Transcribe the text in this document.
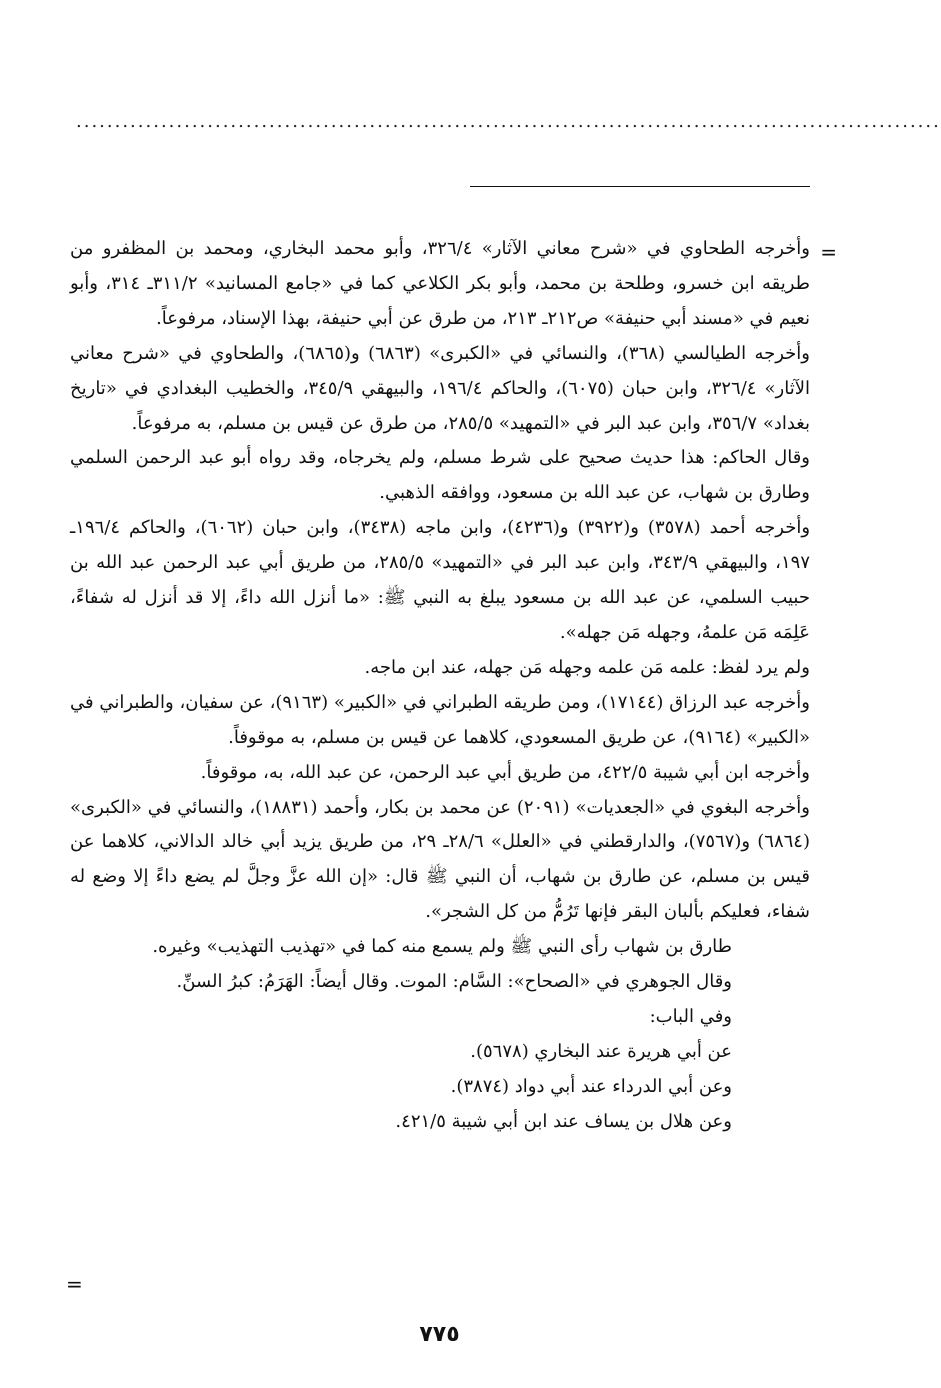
................................................................................................................
=

وأخرجه الطحاوي في «شرح معاني الآثار» ٣٢٦/٤، وأبو محمد البخاري، ومحمد بن المظفرو من طريقه ابن خسرو، وطلحة بن محمد، وأبو بكر الكلاعي كما في «جامع المسانيد» ٣١١/٢ـ ٣١٤، وأبو نعيم في «مسند أبي حنيفة» ص٢١٢ـ ٢١٣، من طرق عن أبي حنيفة، بهذا الإسناد، مرفوعاً.

وأخرجه الطيالسي (٣٦٨)، والنسائي في «الكبرى» (٦٨٦٣) و(٦٨٦٥)، والطحاوي في «شرح معاني الآثار» ٣٢٦/٤، وابن حبان (٦٠٧٥)، والحاكم ١٩٦/٤، والبيهقي ٣٤٥/٩، والخطيب البغدادي في «تاريخ بغداد» ٣٥٦/٧، وابن عبد البر في «التمهيد» ٢٨٥/٥، من طرق عن قيس بن مسلم، به مرفوعاً.

وقال الحاكم: هذا حديث صحيح على شرط مسلم، ولم يخرجاه، وقد رواه أبو عبد الرحمن السلمي وطارق بن شهاب، عن عبد الله بن مسعود، ووافقه الذهبي.

وأخرجه أحمد (٣٥٧٨) و(٣٩٢٢) و(٤٢٣٦)، وابن ماجه (٣٤٣٨)، وابن حبان (٦٠٦٢)، والحاكم ١٩٦/٤ـ ١٩٧، والبيهقي ٣٤٣/٩، وابن عبد البر في «التمهيد» ٢٨٥/٥، من طريق أبي عبد الرحمن عبد الله بن حبيب السلمي، عن عبد الله بن مسعود يبلغ به النبي ﷺ: «ما أنزل الله داءً، إلا قد أنزل له شفاءً، عَلِمَه مَن علمهُ، وجهله مَن جهله».

ولم يرد لفظ: علمه مَن علمه وجهله مَن جهله، عند ابن ماجه.

وأخرجه عبد الرزاق (١٧١٤٤)، ومن طريقه الطبراني في «الكبير» (٩١٦٣)، عن سفيان، والطبراني في «الكبير» (٩١٦٤)، عن طريق المسعودي، كلاهما عن قيس بن مسلم، به موقوفاً.

وأخرجه ابن أبي شيبة ٤٢٢/٥، من طريق أبي عبد الرحمن، عن عبد الله، به، موقوفاً.

وأخرجه البغوي في «الجعديات» (٢٠٩١) عن محمد بن بكار، وأحمد (١٨٨٣١)، والنسائي في «الكبرى» (٦٨٦٤) و(٧٥٦٧)، والدارقطني في «العلل» ٢٨/٦ـ ٢٩، من طريق يزيد أبي خالد الدالاني، كلاهما عن قيس بن مسلم، عن طارق بن شهاب، أن النبي ﷺ قال: «إن الله عزَّ وجلَّ لم يضع داءً إلا وضع له شفاء، فعليكم بألبان البقر فإنها تَرُمُّ من كل الشجر».

طارق بن شهاب رأى النبي ﷺ ولم يسمع منه كما في «تهذيب التهذيب» وغيره.

وقال الجوهري في «الصحاح»: السَّام: الموت. وقال أيضاً: الهَرَمُ: كبرُ السنِّ.

وفي الباب:

عن أبي هريرة عند البخاري (٥٦٧٨).

وعن أبي الدرداء عند أبي دواد (٣٨٧٤).

وعن هلال بن يساف عند ابن أبي شيبة ٤٢١/٥.

=
٧٧٥
